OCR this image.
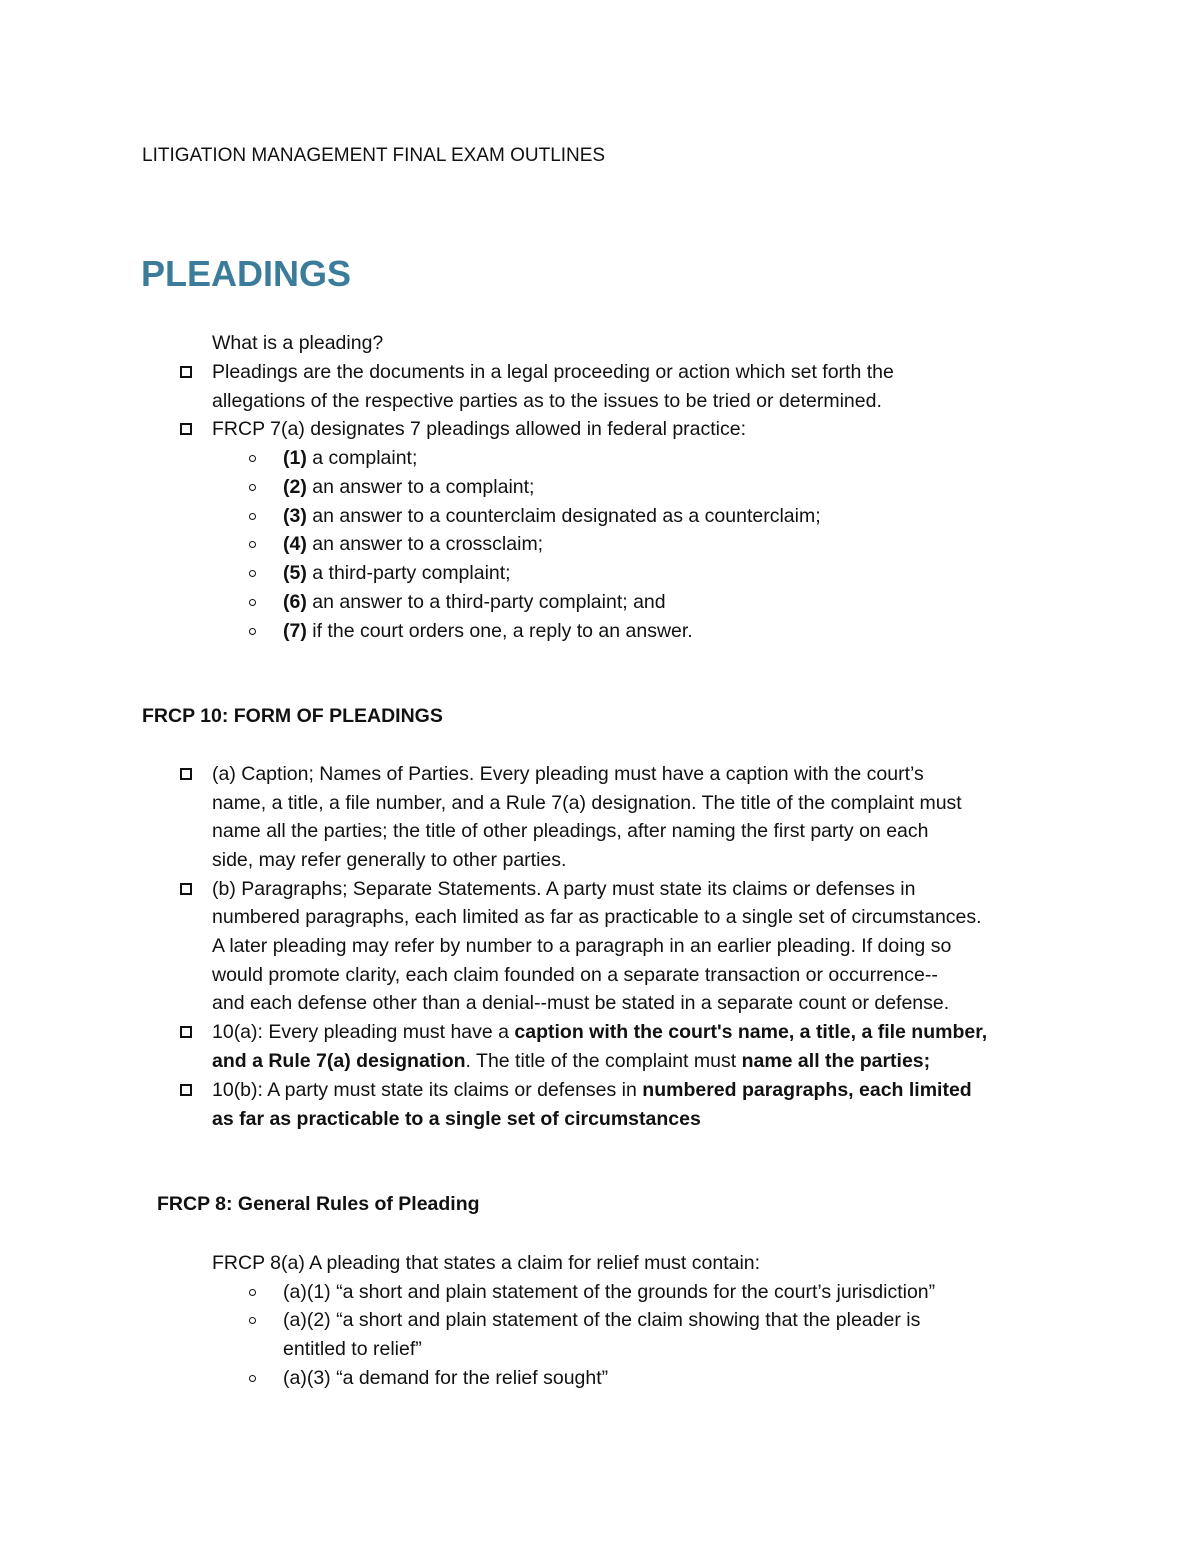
LITIGATION MANAGEMENT FINAL EXAM OUTLINES
PLEADINGS
What is a pleading?
Pleadings are the documents in a legal proceeding or action which set forth the
allegations of the respective parties as to the issues to be tried or determined.
FRCP 7(a) designates 7 pleadings allowed in federal practice:
(1) a complaint;
(2) an answer to a complaint;
(3) an answer to a counterclaim designated as a counterclaim;
(4) an answer to a crossclaim;
(5) a third-party complaint;
(6) an answer to a third-party complaint; and
(7) if the court orders one, a reply to an answer.
FRCP 10: FORM OF PLEADINGS
(a) Caption; Names of Parties. Every pleading must have a caption with the court’s
name, a title, a file number, and a Rule 7(a) designation. The title of the complaint must
name all the parties; the title of other pleadings, after naming the first party on each
side, may refer generally to other parties.
(b) Paragraphs; Separate Statements. A party must state its claims or defenses in
numbered paragraphs, each limited as far as practicable to a single set of circumstances.
A later pleading may refer by number to a paragraph in an earlier pleading. If doing so
would promote clarity, each claim founded on a separate transaction or occurrence--
and each defense other than a denial--must be stated in a separate count or defense.
10(a): Every pleading must have a caption with the court's name, a title, a file number,
and a Rule 7(a) designation. The title of the complaint must name all the parties;
10(b): A party must state its claims or defenses in numbered paragraphs, each limited
as far as practicable to a single set of circumstances
FRCP 8: General Rules of Pleading
FRCP 8(a) A pleading that states a claim for relief must contain:
(a)(1) “a short and plain statement of the grounds for the court’s jurisdiction”
(a)(2) “a short and plain statement of the claim showing that the pleader is
entitled to relief”
(a)(3) “a demand for the relief sought”
